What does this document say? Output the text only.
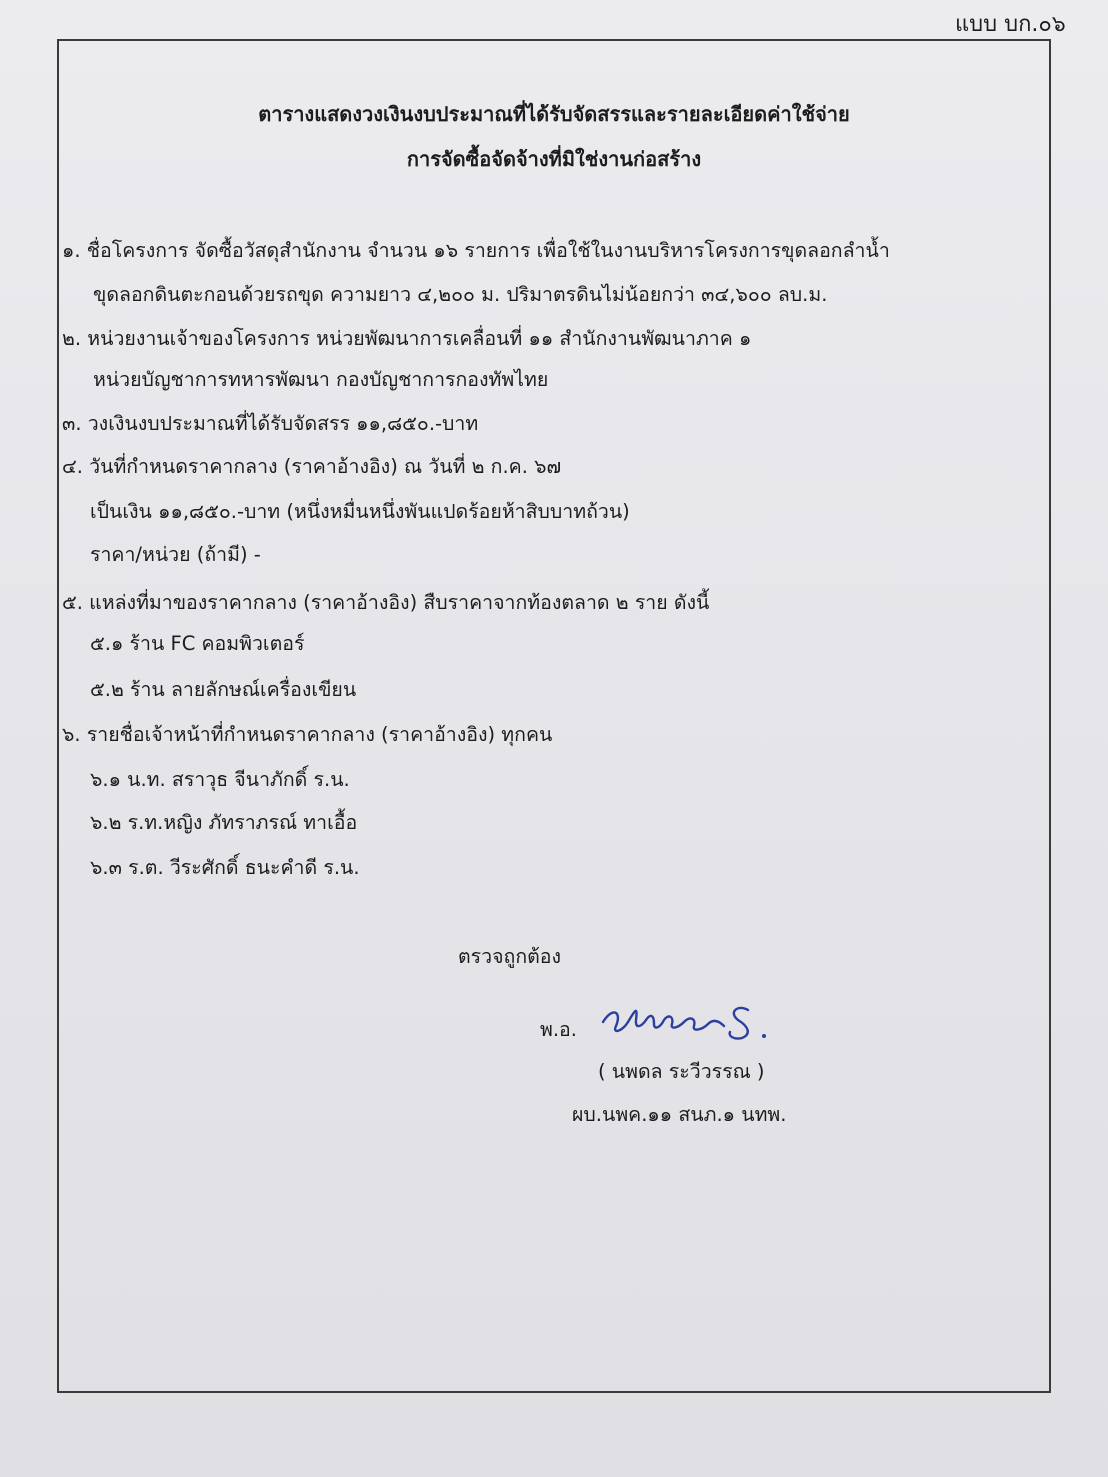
แบบ บก.๐๖
ตารางแสดงวงเงินงบประมาณที่ได้รับจัดสรรและรายละเอียดค่าใช้จ่าย
การจัดซื้อจัดจ้างที่มิใช่งานก่อสร้าง
๑. ชื่อโครงการ จัดซื้อวัสดุสำนักงาน จำนวน ๑๖ รายการ เพื่อใช้ในงานบริหารโครงการขุดลอกลำน้ำ
ขุดลอกดินตะกอนด้วยรถขุด ความยาว ๔,๒๐๐ ม. ปริมาตรดินไม่น้อยกว่า ๓๔,๖๐๐ ลบ.ม.
๒. หน่วยงานเจ้าของโครงการ หน่วยพัฒนาการเคลื่อนที่ ๑๑ สำนักงานพัฒนาภาค ๑
หน่วยบัญชาการทหารพัฒนา กองบัญชาการกองทัพไทย
๓. วงเงินงบประมาณที่ได้รับจัดสรร ๑๑,๘๕๐.-บาท
๔. วันที่กำหนดราคากลาง (ราคาอ้างอิง) ณ วันที่ ๒ ก.ค. ๖๗
เป็นเงิน ๑๑,๘๕๐.-บาท (หนึ่งหมื่นหนึ่งพันแปดร้อยห้าสิบบาทถ้วน)
ราคา/หน่วย (ถ้ามี) -
๕. แหล่งที่มาของราคากลาง (ราคาอ้างอิง) สืบราคาจากท้องตลาด ๒ ราย ดังนี้
๕.๑ ร้าน FC คอมพิวเตอร์
๕.๒ ร้าน ลายลักษณ์เครื่องเขียน
๖. รายชื่อเจ้าหน้าที่กำหนดราคากลาง (ราคาอ้างอิง) ทุกคน
๖.๑ น.ท. สราวุธ จีนาภักดิ์ ร.น.
๖.๒ ร.ท.หญิง ภัทราภรณ์ ทาเอื้อ
๖.๓ ร.ต. วีระศักดิ์ ธนะคำดี ร.น.
ตรวจถูกต้อง
พ.อ.
( นพดล ระวีวรรณ )
ผบ.นพค.๑๑ สนภ.๑ นทพ.
